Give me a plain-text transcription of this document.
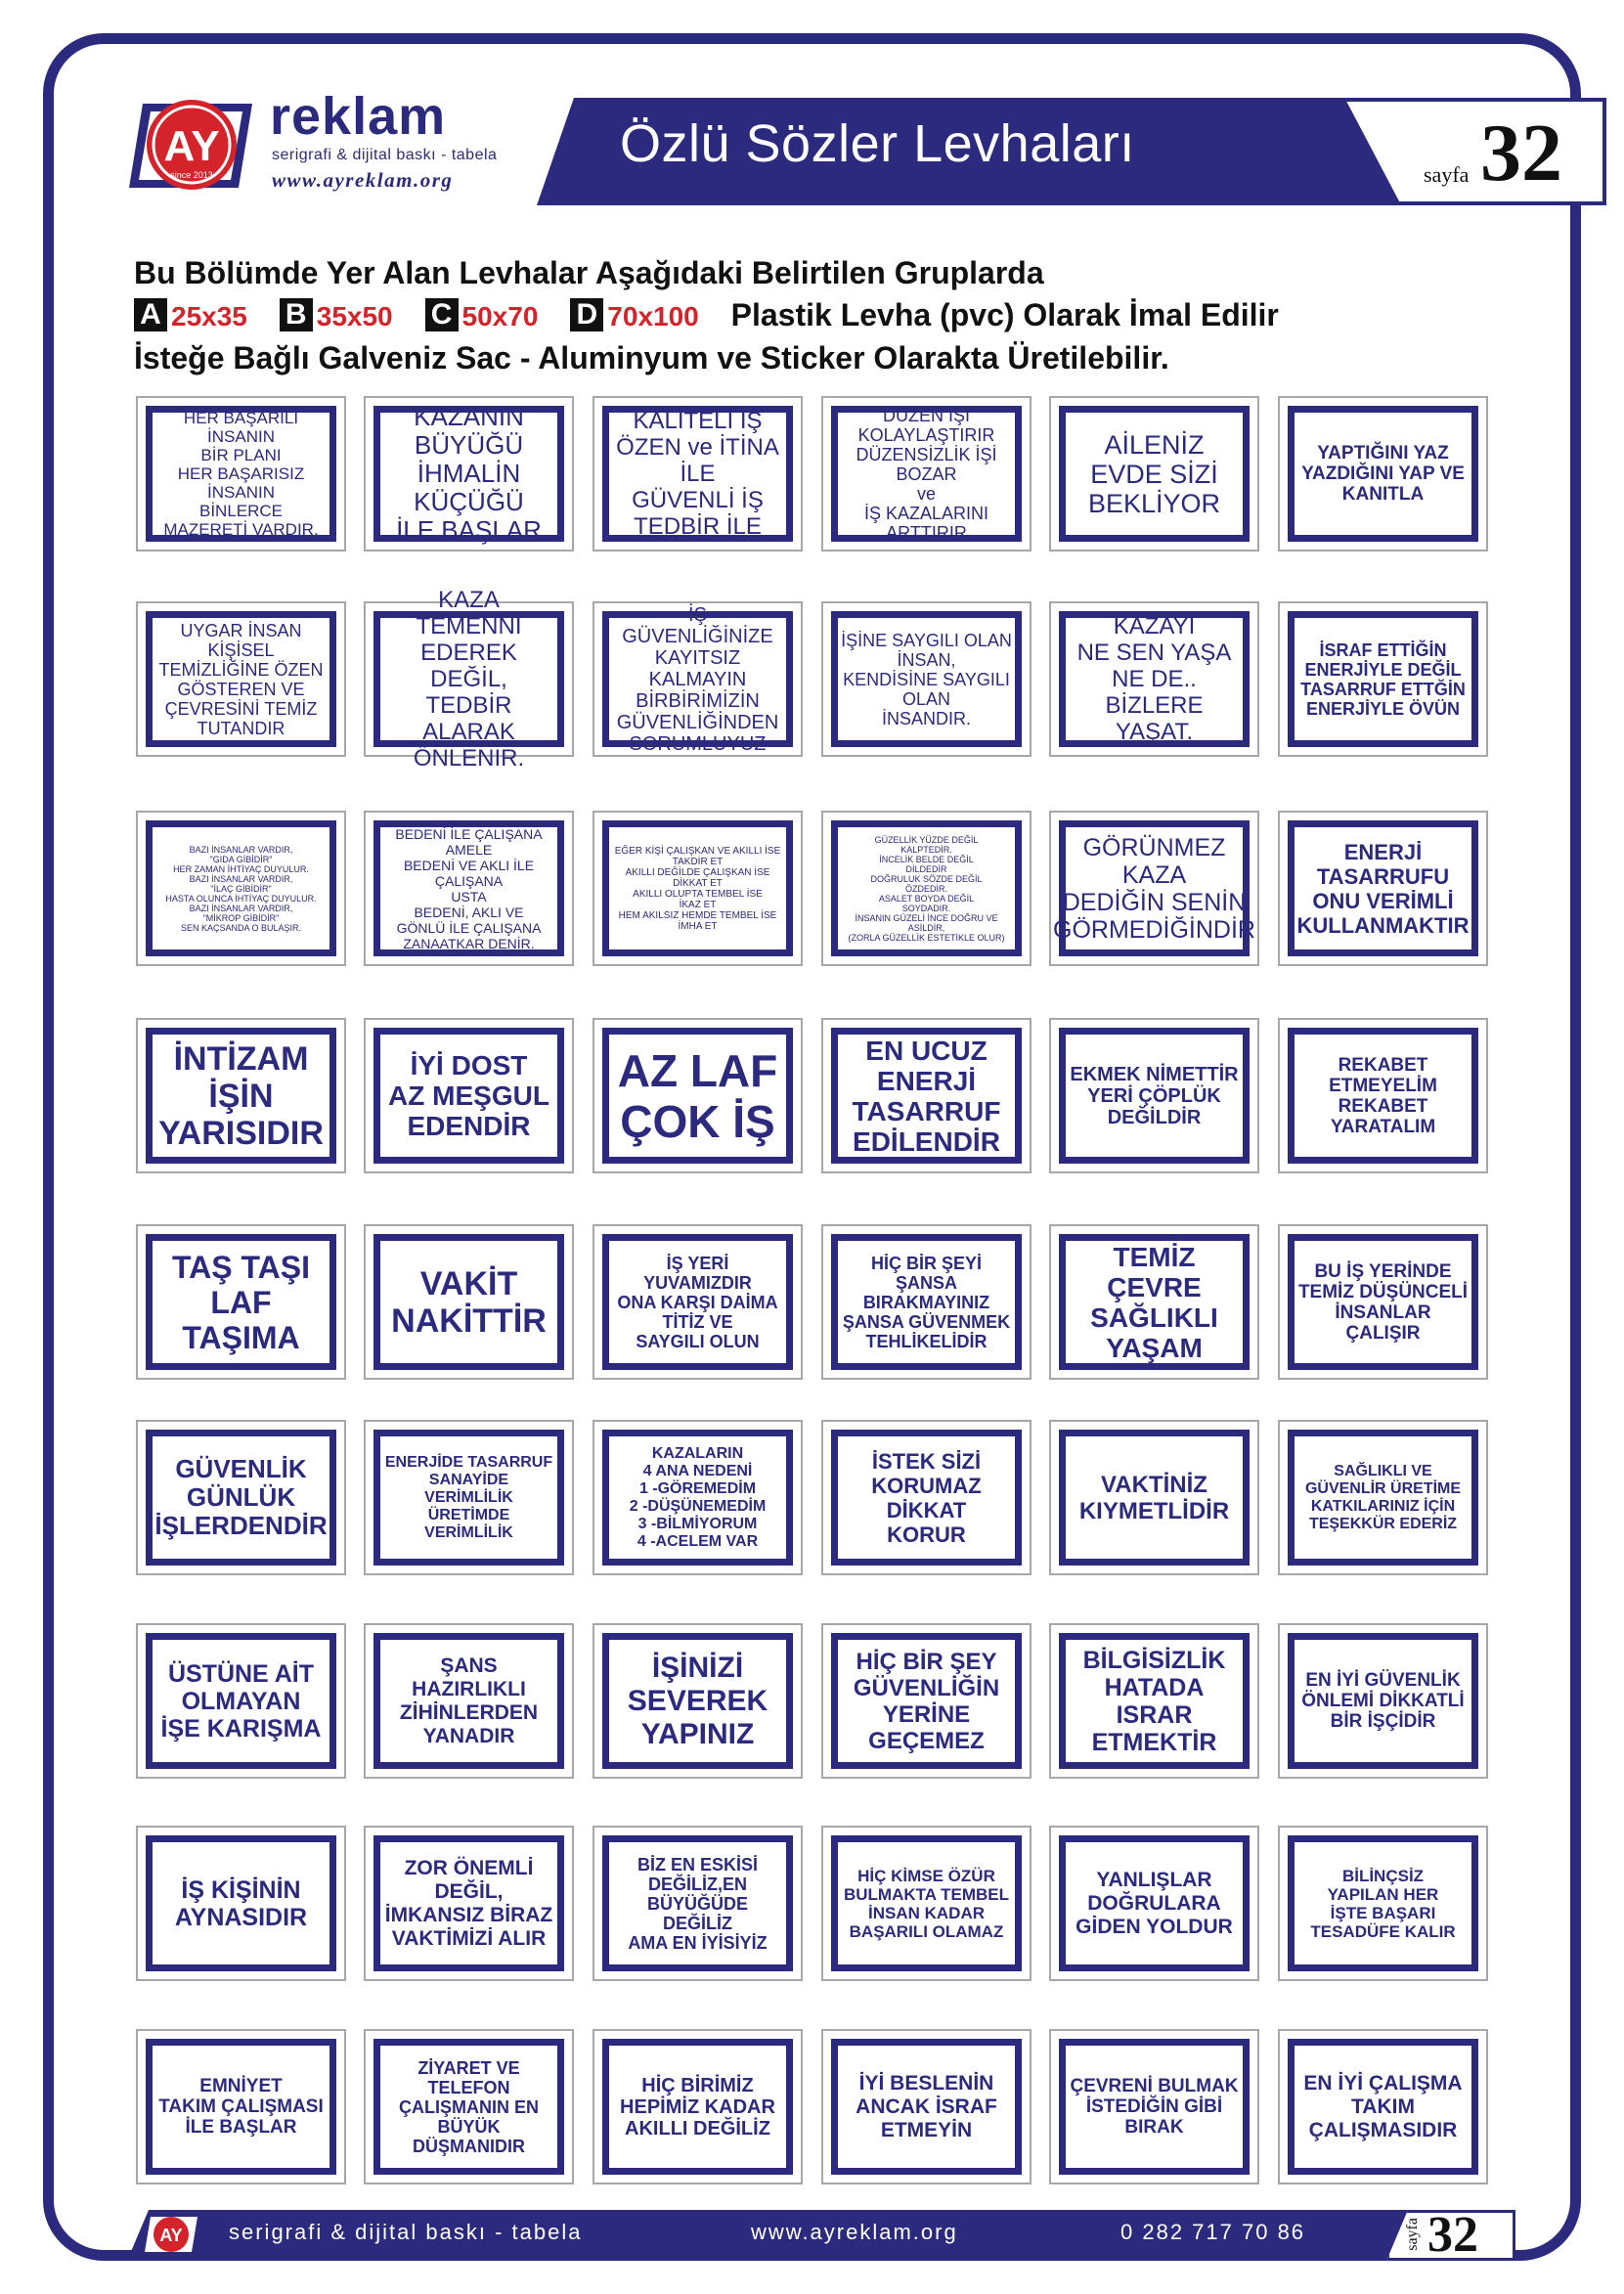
Özlü Sözler Levhaları
sayfa 32
AY
since 2013
reklam
serigrafi & dijital baskı - tabela
www.ayreklam.org
Bu Bölümde Yer Alan Levhalar Aşağıdaki Belirtilen Gruplarda
A 25x35 B 35x50 C 50x70 D 70x100 Plastik Levha (pvc) Olarak İmal Edilir
İsteğe Bağlı Galveniz Sac - Aluminyum ve Sticker Olarakta Üretilebilir.
HER BAŞARILI İNSANIN
BİR PLANI
HER BAŞARISIZ İNSANIN
BİNLERCE MAZERETİ VARDIR.
KAZANIN BÜYÜĞÜ
İHMALİN KÜÇÜĞÜ
İLE BAŞLAR
KALİTELİ İŞ
ÖZEN ve İTİNA İLE
GÜVENLİ İŞ
TEDBİR İLE
DÜZEN İŞİ KOLAYLAŞTIRIR
DÜZENSİZLİK İŞİ BOZAR
ve
İŞ KAZALARINI ARTTIRIR
AİLENİZ
EVDE SİZİ
BEKLİYOR
YAPTIĞINI YAZ
YAZDIĞINI YAP VE
KANITLA
UYGAR İNSAN
KİŞİSEL TEMİZLİĞİNE ÖZEN
GÖSTEREN VE
ÇEVRESİNİ TEMİZ TUTANDIR
KAZA TEMENNİ
EDEREK DEĞİL,
TEDBİR ALARAK
ÖNLENİR.
İŞ GÜVENLİĞİNİZE
KAYITSIZ KALMAYIN
BİRBİRİMİZİN
GÜVENLİĞİNDEN
SORUMLUYUZ
İŞİNE SAYGILI OLAN
İNSAN,
KENDİSİNE SAYGILI OLAN
İNSANDIR.
KAZAYI
NE SEN YAŞA
NE DE..
BİZLERE YAŞAT.
İSRAF ETTİĞİN
ENERJİYLE DEĞİL
TASARRUF ETTĞİN
ENERJİYLE ÖVÜN
BAZI İNSANLAR VARDIR,
"GIDA GİBİDİR"
HER ZAMAN İHTİYAÇ DUYULUR.
BAZI İNSANLAR VARDIR,
"İLAÇ GİBİDİR"
HASTA OLUNCA İHTİYAÇ DUYULUR.
BAZI İNSANLAR VARDIR,
"MİKROP GİBİDİR"
SEN KAÇSANDA O BULAŞIR.
BEDENİ İLE ÇALIŞANA
AMELE
BEDENİ VE AKLI İLE ÇALIŞANA
USTA
BEDENİ, AKLI VE
GÖNLÜ İLE ÇALIŞANA
ZANAATKAR DENİR.
EĞER KİŞİ ÇALIŞKAN VE AKILLI İSE
TAKDİR ET
AKILLI DEĞİLDE ÇALIŞKAN İSE
DİKKAT ET
AKILLI OLUPTA TEMBEL İSE
İKAZ ET
HEM AKILSIZ HEMDE TEMBEL İSE
İMHA ET
GÜZELLİK YÜZDE DEĞİL
KALPTEDİR.
İNCELİK BELDE DEĞİL
DİLDEDİR
DOĞRULUK SÖZDE DEĞİL
ÖZDEDİR.
ASALET BOYDA DEĞİL
SOYDADIR.
İNSANIN GÜZELİ İNCE DOĞRU VE ASİLDİR,
(ZORLA GÜZELLİK ESTETİKLE OLUR)
GÖRÜNMEZ KAZA
DEDİĞİN SENİN
GÖRMEDİĞİNDİR
ENERJİ
TASARRUFU
ONU VERİMLİ
KULLANMAKTIR
İNTİZAM
İŞİN
YARISIDIR
İYİ DOST
AZ MEŞGUL
EDENDİR
AZ LAF
ÇOK İŞ
EN UCUZ
ENERJİ
TASARRUF
EDİLENDİR
EKMEK NİMETTİR
YERİ ÇÖPLÜK
DEĞİLDİR
REKABET
ETMEYELİM
REKABET
YARATALIM
TAŞ TAŞI
LAF
TAŞIMA
VAKİT
NAKİTTİR
İŞ YERİ YUVAMIZDIR
ONA KARŞI DAİMA
TİTİZ VE
SAYGILI OLUN
HİÇ BİR ŞEYİ
ŞANSA
BIRAKMAYINIZ
ŞANSA GÜVENMEK
TEHLİKELİDİR
TEMİZ
ÇEVRE
SAĞLIKLI
YAŞAM
BU İŞ YERİNDE
TEMİZ DÜŞÜNCELİ
İNSANLAR ÇALIŞIR
GÜVENLİK
GÜNLÜK
İŞLERDENDİR
ENERJİDE TASARRUF
SANAYİDE VERİMLİLİK
ÜRETİMDE
VERİMLİLİK
KAZALARIN
4 ANA NEDENİ
1 -GÖREMEDİM
2 -DÜŞÜNEMEDİM
3 -BİLMİYORUM
4 -ACELEM VAR
İSTEK SİZİ
KORUMAZ
DİKKAT
KORUR
VAKTİNİZ
KIYMETLİDİR
SAĞLIKLI VE
GÜVENLİR ÜRETİME
KATKILARINIZ İÇİN
TEŞEKKÜR EDERİZ
ÜSTÜNE AİT
OLMAYAN
İŞE KARIŞMA
ŞANS HAZIRLIKLI
ZİHİNLERDEN
YANADIR
İŞİNİZİ
SEVEREK
YAPINIZ
HİÇ BİR ŞEY
GÜVENLİĞİN
YERİNE
GEÇEMEZ
BİLGİSİZLİK
HATADA ISRAR
ETMEKTİR
EN İYİ GÜVENLİK
ÖNLEMİ DİKKATLİ
BİR İŞÇİDİR
İŞ KİŞİNİN
AYNASIDIR
ZOR ÖNEMLİ DEĞİL,
İMKANSIZ BİRAZ
VAKTİMİZİ ALIR
BİZ EN ESKİSİ
DEĞİLİZ,EN
BÜYÜĞÜDE DEĞİLİZ
AMA EN İYİSİYİZ
HİÇ KİMSE ÖZÜR
BULMAKTA TEMBEL
İNSAN KADAR
BAŞARILI OLAMAZ
YANLIŞLAR
DOĞRULARA
GİDEN YOLDUR
BİLİNÇSİZ
YAPILAN HER
İŞTE BAŞARI
TESADÜFE KALIR
EMNİYET
TAKIM ÇALIŞMASI
İLE BAŞLAR
ZİYARET VE
TELEFON
ÇALIŞMANIN EN
BÜYÜK DÜŞMANIDIR
HİÇ BİRİMİZ
HEPİMİZ KADAR
AKILLI DEĞİLİZ
İYİ BESLENİN
ANCAK İSRAF
ETMEYİN
ÇEVRENİ BULMAK
İSTEDİĞİN GİBİ
BIRAK
EN İYİ ÇALIŞMA
TAKIM
ÇALIŞMASIDIR
AY serigrafi & dijital baskı - tabela	www.ayreklam.org	0 282 717 70 86	sayfa 32
